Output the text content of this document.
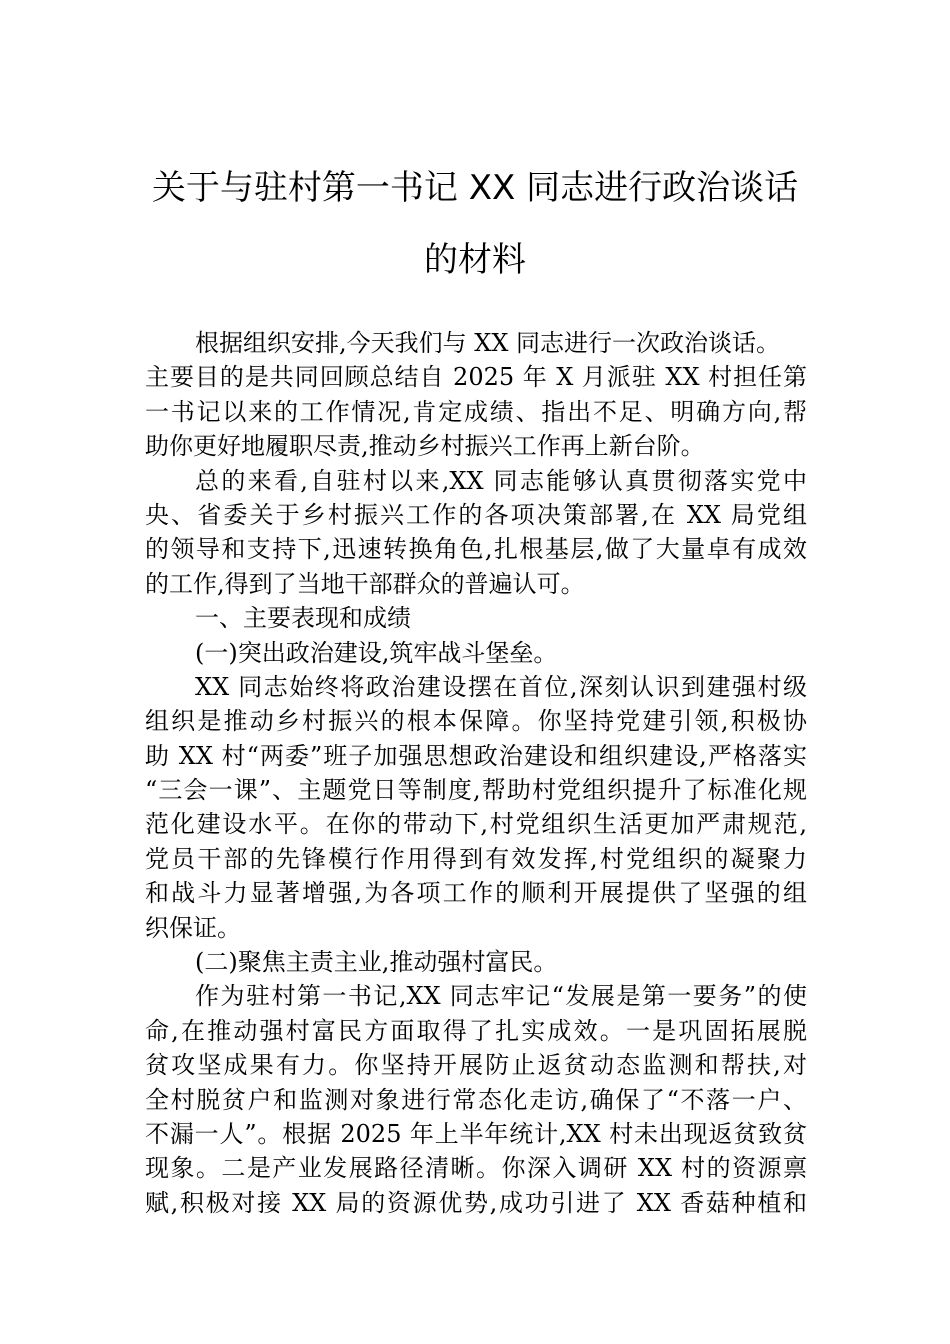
关于与驻村第一书记 XX 同志进行政治谈话
的材料
根据组织安排,今天我们与 XX 同志进行一次政治谈话。
主要目的是共同回顾总结自 2025 年 X 月派驻 XX 村担任第
一书记以来的工作情况,肯定成绩、指出不足、明确方向,帮
助你更好地履职尽责,推动乡村振兴工作再上新台阶。
总的来看,自驻村以来,XX 同志能够认真贯彻落实党中
央、省委关于乡村振兴工作的各项决策部署,在 XX 局党组
的领导和支持下,迅速转换角色,扎根基层,做了大量卓有成效
的工作,得到了当地干部群众的普遍认可。
一、主要表现和成绩
(一)突出政治建设,筑牢战斗堡垒。
XX 同志始终将政治建设摆在首位,深刻认识到建强村级
组织是推动乡村振兴的根本保障。你坚持党建引领,积极协
助 XX 村“两委”班子加强思想政治建设和组织建设,严格落实
“三会一课”、主题党日等制度,帮助村党组织提升了标准化规
范化建设水平。在你的带动下,村党组织生活更加严肃规范,
党员干部的先锋模行作用得到有效发挥,村党组织的凝聚力
和战斗力显著增强,为各项工作的顺利开展提供了坚强的组
织保证。
(二)聚焦主责主业,推动强村富民。
作为驻村第一书记,XX 同志牢记“发展是第一要务”的使
命,在推动强村富民方面取得了扎实成效。一是巩固拓展脱
贫攻坚成果有力。你坚持开展防止返贫动态监测和帮扶,对
全村脱贫户和监测对象进行常态化走访,确保了“不落一户、
不漏一人”。根据 2025 年上半年统计,XX 村未出现返贫致贫
现象。二是产业发展路径清晰。你深入调研 XX 村的资源禀
赋,积极对接 XX 局的资源优势,成功引进了 XX 香菇种植和
